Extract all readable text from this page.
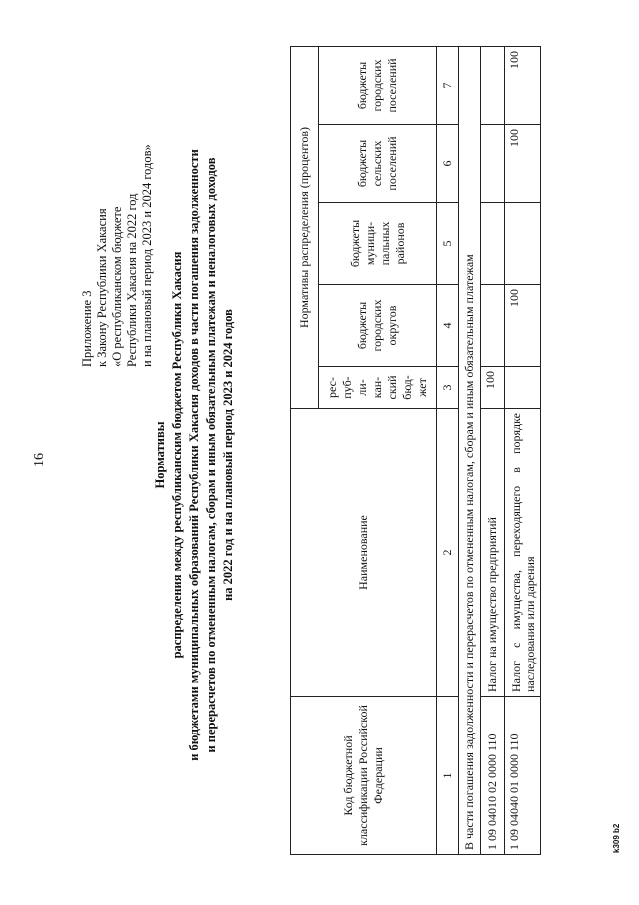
16
Приложение 3 к Закону Республики Хакасия «О республиканском бюджете Республики Хакасия на 2022 год и на плановый период 2023 и 2024 годов»
Нормативы распределения между республиканским бюджетом Республики Хакасия и бюджетами муниципальных образований Республики Хакасия доходов в части погашения задолженности и перерасчетов по отмененным налогам, сборам и иным обязательным платежам и неналоговых доходов на 2022 год и на плановый период 2023 и 2024 годов
Код бюджетной классификации Российской Федерации	Наименование	Нормативы распределения (процентов)				
		рес-пуб-ли-кан-ский бюд-жет	бюджеты городских округов	бюджеты муници-пальных районов	бюджеты сельских поселений	бюджеты городских поселений
1	2	3	4	5	6	7
В части погашения задолженности и перерасчетов по отмененным налогам, сборам и иным обязательным платежам						
1 09 04010 02 0000 110	Налог на имущество предприятий	100				
1 09 04040 01 0000 110	Налог с имущества, переходящего в порядке наследования или дарения		100		100	100
k309 b2
